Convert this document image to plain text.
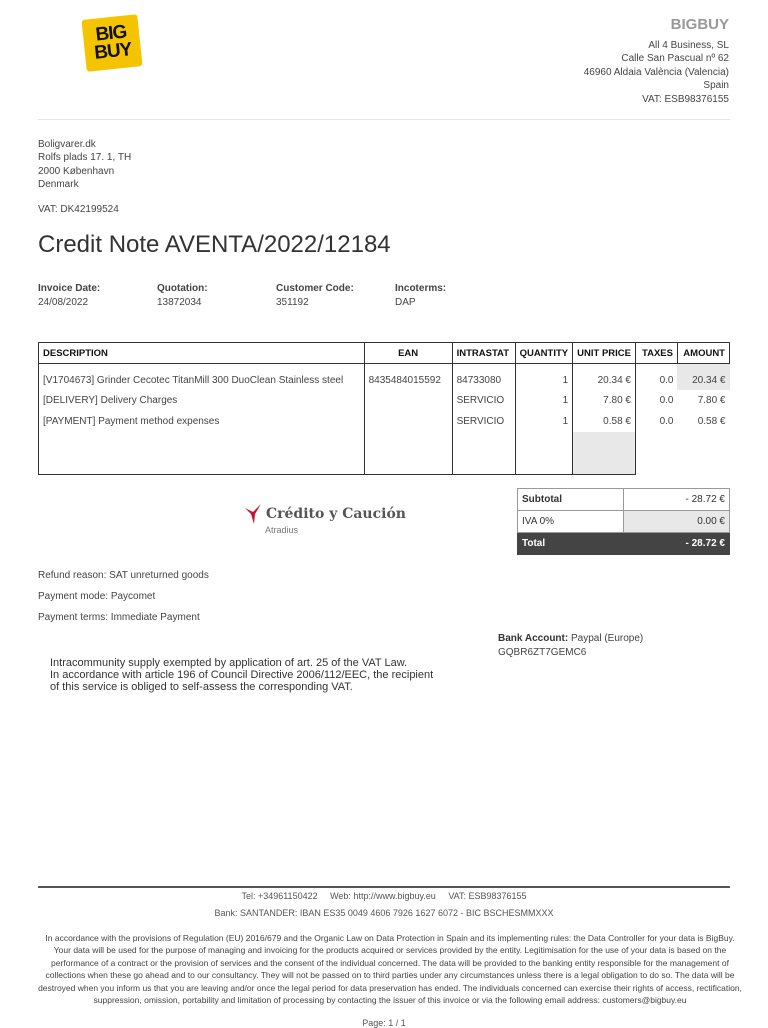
BIG
BUY
BIGBUY
All 4 Business, SL
Calle San Pascual nº 62
46960 Aldaia València (Valencia)
Spain
VAT: ESB98376155
Boligvarer.dk
Rolfs plads 17. 1, TH
2000 København
Denmark
VAT: DK42199524
Credit Note AVENTA/2022/12184
Invoice Date:
24/08/2022
Quotation:
13872034
Customer Code:
351192
Incoterms:
DAP
DESCRIPTION	EAN	INTRASTAT	QUANTITY	UNIT PRICE	TAXES	AMOUNT
[V1704673] Grinder Cecotec TitanMill 300 DuoClean Stainless steel	8435484015592	84733080	1	20.34 €	0.0	20.34 €
[DELIVERY] Delivery Charges		SERVICIO	1	7.80 €	0.0	7.80 €
[PAYMENT] Payment method expenses		SERVICIO	1	0.58 €	0.0	0.58 €

Crédito y Caución
Atradius
Subtotal	- 28.72 €
IVA 0%	0.00 €
Total	- 28.72 €
Refund reason: SAT unreturned goods
Payment mode: Paycomet
Payment terms: Immediate Payment
Bank Account: Paypal (Europe)
GQBR6ZT7GEMC6
Intracommunity supply exempted by application of art. 25 of the VAT Law.
In accordance with article 196 of Council Directive 2006/112/EEC, the recipient
of this service is obliged to self-assess the corresponding VAT.
Tel: +34961150422     Web: http://www.bigbuy.eu     VAT: ESB98376155
Bank: SANTANDER: IBAN ES35 0049 4606 7926 1627 6072 - BIC BSCHESMMXXX
In accordance with the provisions of Regulation (EU) 2016/679 and the Organic Law on Data Protection in Spain and its implementing rules: the Data Controller for your data is BigBuy. Your data will be used for the purpose of managing and invoicing for the products acquired or services provided by the entity. Legitimisation for the use of your data is based on the performance of a contract or the provision of services and the consent of the individual concerned. The data will be provided to the banking entity responsible for the management of collections when these go ahead and to our consultancy. They will not be passed on to third parties under any circumstances unless there is a legal obligation to do so. The data will be destroyed when you inform us that you are leaving and/or once the legal period for data preservation has ended. The individuals concerned can exercise their rights of access, rectification, suppression, omission, portability and limitation of processing by contacting the issuer of this invoice or via the following email address: customers@bigbuy.eu
Page: 1 / 1
